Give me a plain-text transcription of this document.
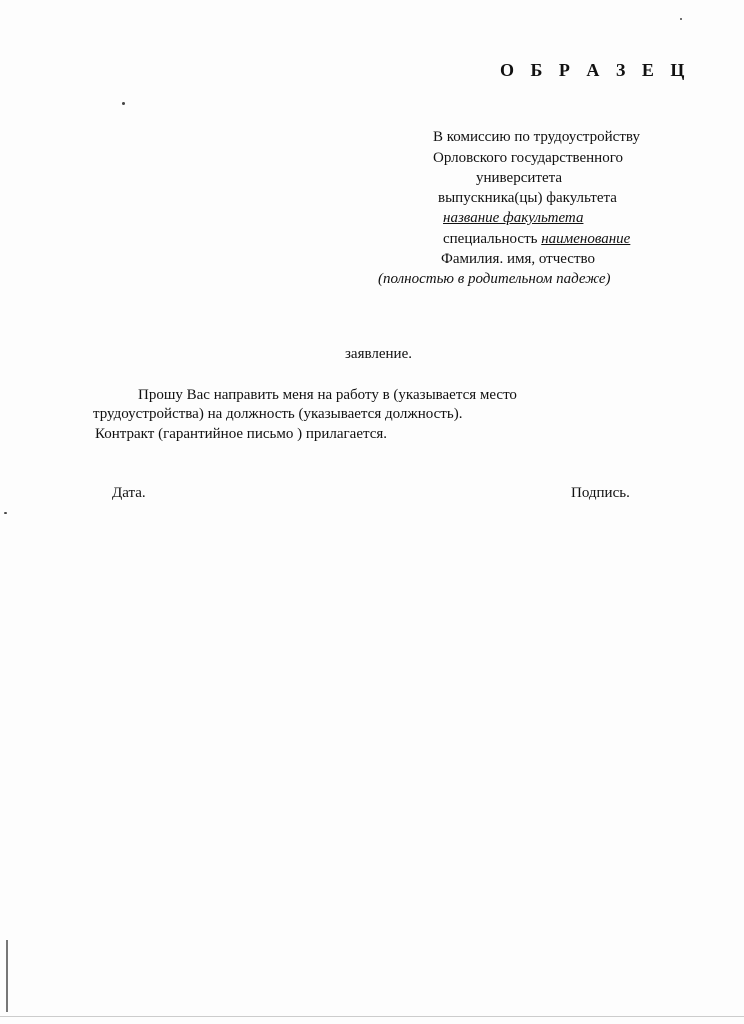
О Б Р А З Е Ц
В комиссию по трудоустройству
Орловского государственного
университета
выпускника(цы) факультета
название факультета
специальность наименование
Фамилия. имя, отчество
(полностью в родительном падеже)
заявление.
Прошу Вас направить меня на работу в (указывается место
трудоустройства) на должность (указывается должность).
Контракт (гарантийное письмо ) прилагается.
Дата.	Подпись.
